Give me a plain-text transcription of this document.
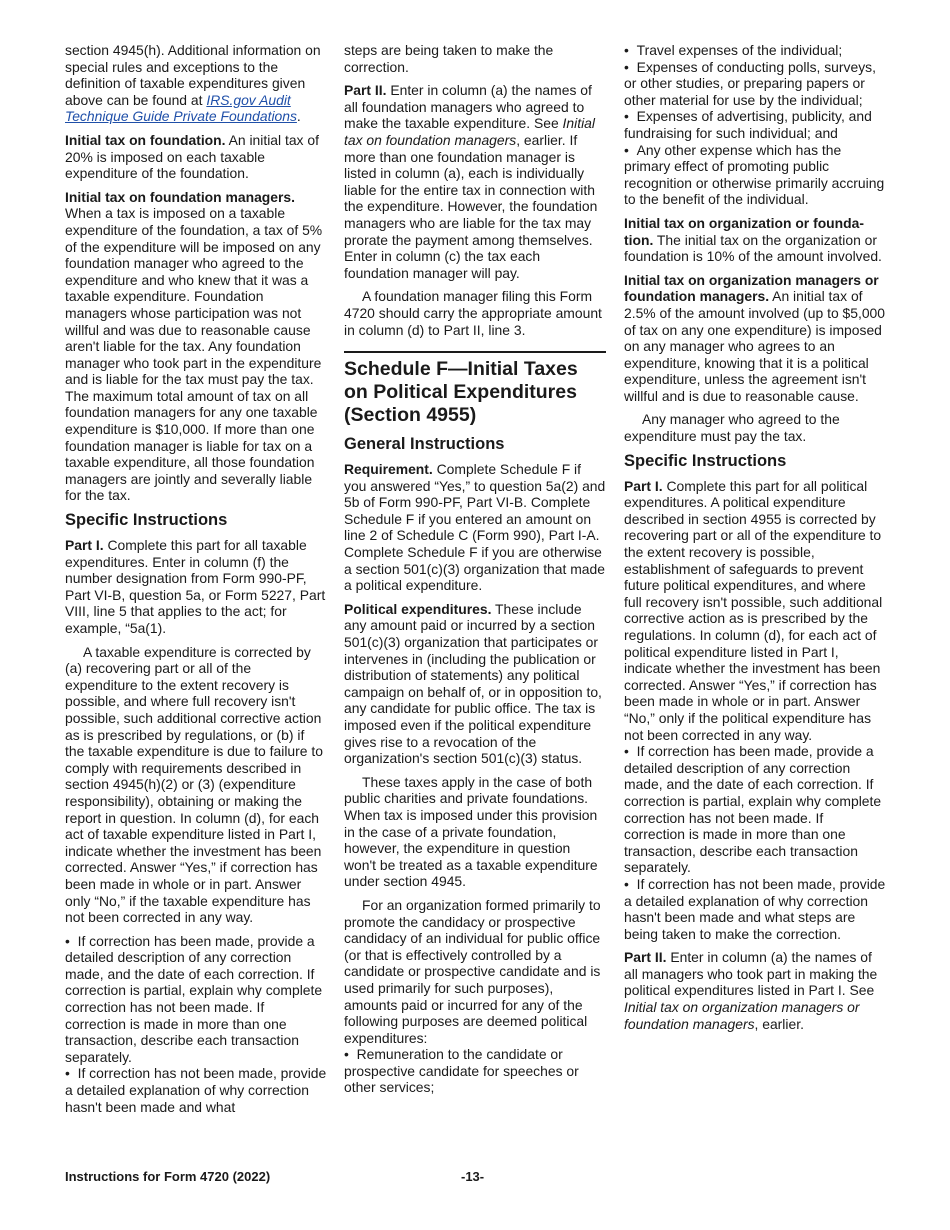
section 4945(h). Additional information on special rules and exceptions to the definition of taxable expenditures given above can be found at IRS.gov Audit Technique Guide Private Foundations.

Initial tax on foundation. An initial tax of 20% is imposed on each taxable expenditure of the foundation.

Initial tax on foundation managers. When a tax is imposed on a taxable expenditure of the foundation, a tax of 5% of the expenditure will be imposed on any foundation manager who agreed to the expenditure and who knew that it was a taxable expenditure. Foundation managers whose participation was not willful and was due to reasonable cause aren't liable for the tax. Any foundation manager who took part in the expenditure and is liable for the tax must pay the tax. The maximum total amount of tax on all foundation managers for any one taxable expenditure is $10,000. If more than one foundation manager is liable for tax on a taxable expenditure, all those foundation managers are jointly and severally liable for the tax.

Specific Instructions

Part I. Complete this part for all taxable expenditures. Enter in column (f) the number designation from Form 990-PF, Part VI-B, question 5a, or Form 5227, Part VIII, line 5 that applies to the act; for example, “5a(1).

A taxable expenditure is corrected by (a) recovering part or all of the expenditure to the extent recovery is possible, and where full recovery isn't possible, such additional corrective action as is prescribed by regulations, or (b) if the taxable expenditure is due to failure to comply with requirements described in section 4945(h)(2) or (3) (expenditure responsibility), obtaining or making the report in question. In column (d), for each act of taxable expenditure listed in Part I, indicate whether the investment has been corrected. Answer “Yes,” if correction has been made in whole or in part. Answer only “No,” if the taxable expenditure has not been corrected in any way.

•  If correction has been made, provide a detailed description of any correction made, and the date of each correction. If correction is partial, explain why complete correction has not been made. If correction is made in more than one transaction, describe each transaction separately.
•  If correction has not been made, provide a detailed explanation of why correction hasn't been made and what

steps are being taken to make the correction.

Part II. Enter in column (a) the names of all foundation managers who agreed to make the taxable expenditure. See Initial tax on foundation managers, earlier. If more than one foundation manager is listed in column (a), each is individually liable for the entire tax in connection with the expenditure. However, the foundation managers who are liable for the tax may prorate the payment among themselves. Enter in column (c) the tax each foundation manager will pay.

A foundation manager filing this Form 4720 should carry the appropriate amount in column (d) to Part II, line 3.

Schedule F—Initial Taxes on Political Expenditures (Section 4955)
General Instructions

Requirement. Complete Schedule F if you answered “Yes,” to question 5a(2) and 5b of Form 990-PF, Part VI-B. Complete Schedule F if you entered an amount on line 2 of Schedule C (Form 990), Part I-A. Complete Schedule F if you are otherwise a section 501(c)(3) organization that made a political expenditure.

Political expenditures. These include any amount paid or incurred by a section 501(c)(3) organization that participates or intervenes in (including the publication or distribution of statements) any political campaign on behalf of, or in opposition to, any candidate for public office. The tax is imposed even if the political expenditure gives rise to a revocation of the organization's section 501(c)(3) status.

These taxes apply in the case of both public charities and private foundations. When tax is imposed under this provision in the case of a private foundation, however, the expenditure in question won't be treated as a taxable expenditure under section 4945.

For an organization formed primarily to promote the candidacy or prospective candidacy of an individual for public office (or that is effectively controlled by a candidate or prospective candidate and is used primarily for such purposes), amounts paid or incurred for any of the following purposes are deemed political expenditures:

•  Remuneration to the candidate or prospective candidate for speeches or other services;
•  Travel expenses of the individual;
•  Expenses of conducting polls, surveys, or other studies, or preparing papers or other material for use by the individual;
•  Expenses of advertising, publicity, and fundraising for such individual; and
•  Any other expense which has the primary effect of promoting public recognition or otherwise primarily accruing to the benefit of the individual.

Initial tax on organization or founda-tion. The initial tax on the organization or foundation is 10% of the amount involved.

Initial tax on organization managers or foundation managers. An initial tax of 2.5% of the amount involved (up to $5,000 of tax on any one expenditure) is imposed on any manager who agrees to an expenditure, knowing that it is a political expenditure, unless the agreement isn't willful and is due to reasonable cause.

Any manager who agreed to the expenditure must pay the tax.

Specific Instructions

Part I. Complete this part for all political expenditures. A political expenditure described in section 4955 is corrected by recovering part or all of the expenditure to the extent recovery is possible, establishment of safeguards to prevent future political expenditures, and where full recovery isn't possible, such additional corrective action as is prescribed by the regulations. In column (d), for each act of political expenditure listed in Part I, indicate whether the investment has been corrected. Answer “Yes,” if correction has been made in whole or in part. Answer “No,” only if the political expenditure has not been corrected in any way.

•  If correction has been made, provide a detailed description of any correction made, and the date of each correction. If correction is partial, explain why complete correction has not been made. If correction is made in more than one transaction, describe each transaction separately.
•  If correction has not been made, provide a detailed explanation of why correction hasn't been made and what steps are being taken to make the correction.

Part II. Enter in column (a) the names of all managers who took part in making the political expenditures listed in Part I. See Initial tax on organization managers or foundation managers, earlier.

Instructions for Form 4720 (2022)	-13-
